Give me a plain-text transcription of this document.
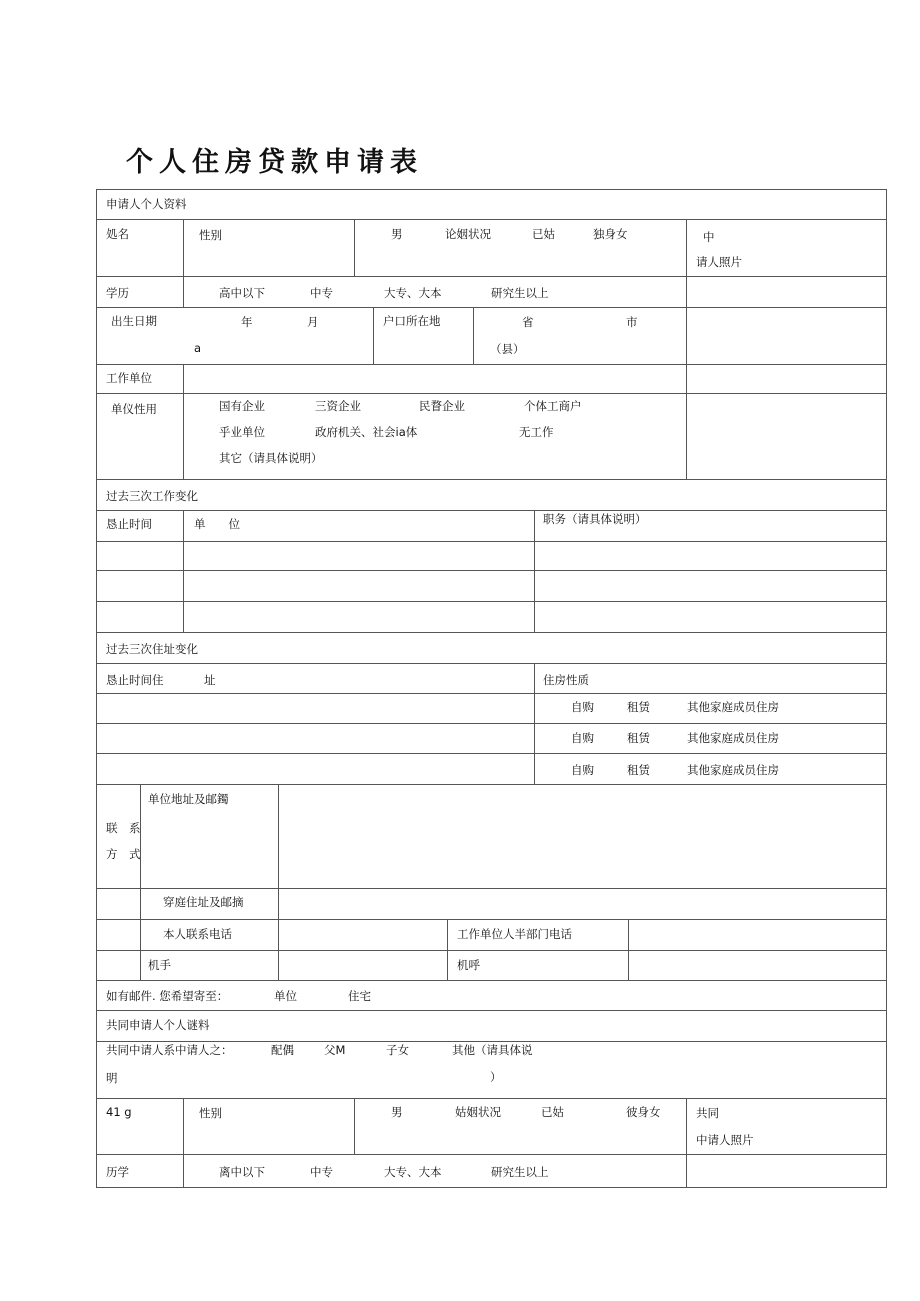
个人住房贷款申请表
申请人个人资料
処名	性别	男	论姻状况	已姑	独身女	中
请人照片
学历	高中以下	中专	大专、大本	研究生以上
出生日期	年	月
a
户口所在地	省	市
（县）
工作单位
单仪性用	国有企业	三资企业	民瞀企业	个体工商户
乎业单位	政府机关、社会ia体	无工作
其它（请具体说明）
过去三次工作变化
恳止时间	单　　位	职务（请具体说明）
过去三次住址变化
恳止时间住	址	住房性质
自购	租赁	其他家庭成员住房
自购	租赁	其他家庭成员住房
自购	租赁	其他家庭成员住房
联　系
方　式
单位地址及邮鐲
穿庭住址及邮摘
本人联系电话	工作单位人半部门电话
机手	机呼
如有邮件. 您希望寄至：	单位	住宅
共同申请人个人谜料
共同中请人系中请人之：	配偶	父M	子女	其他（请具体说
明	）
41 g	性别	男	姑姻状况	已姑	彼身女	共同
中请人照片
历学	离中以下	中专	大专、大本	研究生以上
